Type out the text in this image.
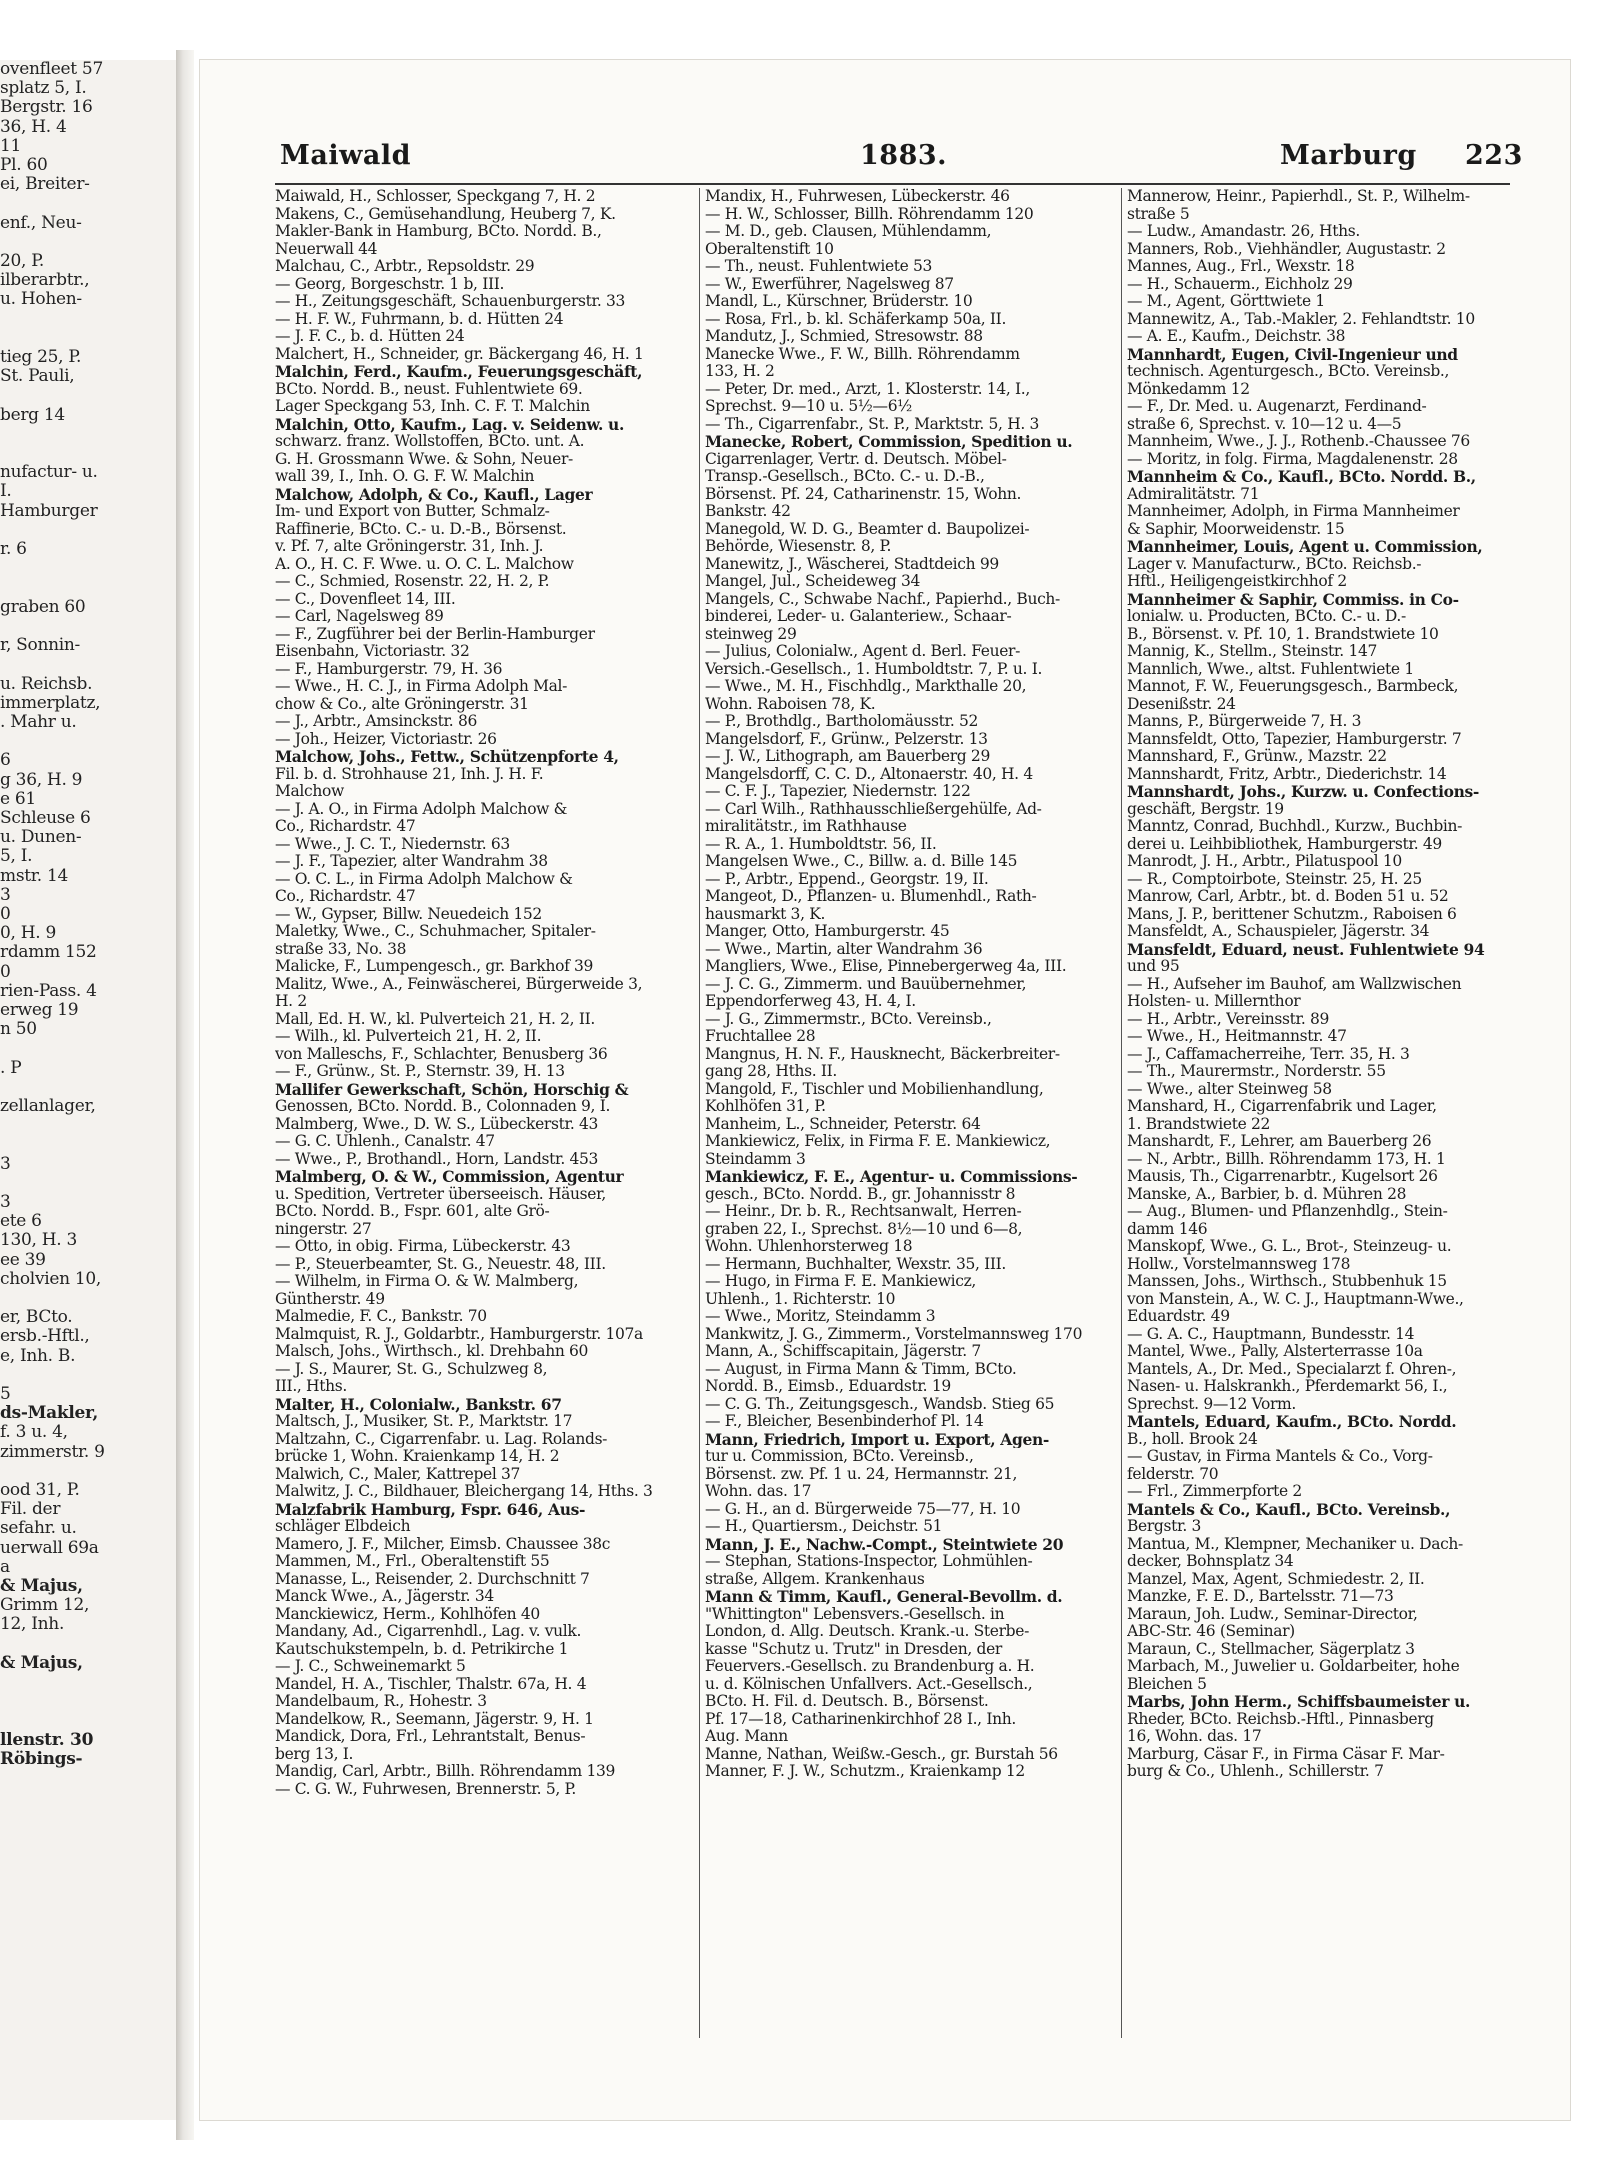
ovenfleet 57
splatz 5, I.
Bergstr. 16
36, H. 4
11
Pl. 60
ei, Breiter-

enf., Neu-

20, P.
ilberarbtr.,
u. Hohen-

tieg 25, P.
St. Pauli,

berg 14

nufactur- u.
I.
Hamburger

r. 6

graben 60

r, Sonnin-

u. Reichsb.
immerplatz,
. Mahr u.

6
g 36, H. 9
e 61
Schleuse 6
u. Dunen-
5, I.
mstr. 14
3
0
0, H. 9
rdamm 152
0
rien-Pass. 4
erweg 19
n 50

. P

zellanlager,

3

3
ete 6
130, H. 3
ee 39
cholvien 10,

er, BCto.
ersb.-Hftl.,
e, Inh. B.

5
ds-Makler,
f. 3 u. 4,
zimmerstr. 9

ood 31, P.
Fil. der
sefahr. u.
uerwall 69a
a
& Majus,
Grimm 12,
12, Inh.

& Majus,

llenstr. 30
Röbings-
Maiwald	1883.	Marburg 223
Maiwald, H., Schlosser, Speckgang 7, H. 2
Makens, C., Gemüsehandlung, Heuberg 7, K.
Makler-Bank in Hamburg, BCto. Nordd. B.,
Neuerwall 44
Malchau, C., Arbtr., Repsoldstr. 29
— Georg, Borgeschstr. 1 b, III.
— H., Zeitungsgeschäft, Schauenburgerstr. 33
— H. F. W., Fuhrmann, b. d. Hütten 24
— J. F. C., b. d. Hütten 24
Malchert, H., Schneider, gr. Bäckergang 46, H. 1
Malchin, Ferd., Kaufm., Feuerungsgeschäft,
BCto. Nordd. B., neust. Fuhlentwiete 69.
Lager Speckgang 53, Inh. C. F. T. Malchin
Malchin, Otto, Kaufm., Lag. v. Seidenw. u.
schwarz. franz. Wollstoffen, BCto. unt. A.
G. H. Grossmann Wwe. & Sohn, Neuer-
wall 39, I., Inh. O. G. F. W. Malchin
Malchow, Adolph, & Co., Kaufl., Lager
Im- und Export von Butter, Schmalz-
Raffinerie, BCto. C.- u. D.-B., Börsenst.
v. Pf. 7, alte Gröningerstr. 31, Inh. J.
A. O., H. C. F. Wwe. u. O. C. L. Malchow
— C., Schmied, Rosenstr. 22, H. 2, P.
— C., Dovenfleet 14, III.
— Carl, Nagelsweg 89
— F., Zugführer bei der Berlin-Hamburger
Eisenbahn, Victoriastr. 32
— F., Hamburgerstr. 79, H. 36
— Wwe., H. C. J., in Firma Adolph Mal-
chow & Co., alte Gröningerstr. 31
— J., Arbtr., Amsinckstr. 86
— Joh., Heizer, Victoriastr. 26
Malchow, Johs., Fettw., Schützenpforte 4,
Fil. b. d. Strohhause 21, Inh. J. H. F.
Malchow
— J. A. O., in Firma Adolph Malchow &
Co., Richardstr. 47
— Wwe., J. C. T., Niedernstr. 63
— J. F., Tapezier, alter Wandrahm 38
— O. C. L., in Firma Adolph Malchow &
Co., Richardstr. 47
— W., Gypser, Billw. Neuedeich 152
Maletky, Wwe., C., Schuhmacher, Spitaler-
straße 33, No. 38
Malicke, F., Lumpengesch., gr. Barkhof 39
Malitz, Wwe., A., Feinwäscherei, Bürgerweide 3,
H. 2
Mall, Ed. H. W., kl. Pulverteich 21, H. 2, II.
— Wilh., kl. Pulverteich 21, H. 2, II.
von Malleschs, F., Schlachter, Benusberg 36
— F., Grünw., St. P., Sternstr. 39, H. 13
Mallifer Gewerkschaft, Schön, Horschig &
Genossen, BCto. Nordd. B., Colonnaden 9, I.
Malmberg, Wwe., D. W. S., Lübeckerstr. 43
— G. C. Uhlenh., Canalstr. 47
— Wwe., P., Brothandl., Horn, Landstr. 453
Malmberg, O. & W., Commission, Agentur
u. Spedition, Vertreter überseeisch. Häuser,
BCto. Nordd. B., Fspr. 601, alte Grö-
ningerstr. 27
— Otto, in obig. Firma, Lübeckerstr. 43
— P., Steuerbeamter, St. G., Neuestr. 48, III.
— Wilhelm, in Firma O. & W. Malmberg,
Güntherstr. 49
Malmedie, F. C., Bankstr. 70
Malmquist, R. J., Goldarbtr., Hamburgerstr. 107a
Malsch, Johs., Wirthsch., kl. Drehbahn 60
— J. S., Maurer, St. G., Schulzweg 8,
III., Hths.
Malter, H., Colonialw., Bankstr. 67
Maltsch, J., Musiker, St. P., Marktstr. 17
Maltzahn, C., Cigarrenfabr. u. Lag. Rolands-
brücke 1, Wohn. Kraienkamp 14, H. 2
Malwich, C., Maler, Kattrepel 37
Malwitz, J. C., Bildhauer, Bleichergang 14, Hths. 3
Malzfabrik Hamburg, Fspr. 646, Aus-
schläger Elbdeich
Mamero, J. F., Milcher, Eimsb. Chaussee 38c
Mammen, M., Frl., Oberaltenstift 55
Manasse, L., Reisender, 2. Durchschnitt 7
Manck Wwe., A., Jägerstr. 34
Manckiewicz, Herm., Kohlhöfen 40
Mandany, Ad., Cigarrenhdl., Lag. v. vulk.
Kautschukstempeln, b. d. Petrikirche 1
— J. C., Schweinemarkt 5
Mandel, H. A., Tischler, Thalstr. 67a, H. 4
Mandelbaum, R., Hohestr. 3
Mandelkow, R., Seemann, Jägerstr. 9, H. 1
Mandick, Dora, Frl., Lehrantstalt, Benus-
berg 13, I.
Mandig, Carl, Arbtr., Billh. Röhrendamm 139
— C. G. W., Fuhrwesen, Brennerstr. 5, P.
Mandix, H., Fuhrwesen, Lübeckerstr. 46
— H. W., Schlosser, Billh. Röhrendamm 120
— M. D., geb. Clausen, Mühlendamm,
Oberaltenstift 10
— Th., neust. Fuhlentwiete 53
— W., Ewerführer, Nagelsweg 87
Mandl, L., Kürschner, Brüderstr. 10
— Rosa, Frl., b. kl. Schäferkamp 50a, II.
Mandutz, J., Schmied, Stresowstr. 88
Manecke Wwe., F. W., Billh. Röhrendamm
133, H. 2
— Peter, Dr. med., Arzt, 1. Klosterstr. 14, I.,
Sprechst. 9—10 u. 5½—6½
— Th., Cigarrenfabr., St. P., Marktstr. 5, H. 3
Manecke, Robert, Commission, Spedition u.
Cigarrenlager, Vertr. d. Deutsch. Möbel-
Transp.-Gesellsch., BCto. C.- u. D.-B.,
Börsenst. Pf. 24, Catharinenstr. 15, Wohn.
Bankstr. 42
Manegold, W. D. G., Beamter d. Baupolizei-
Behörde, Wiesenstr. 8, P.
Manewitz, J., Wäscherei, Stadtdeich 99
Mangel, Jul., Scheideweg 34
Mangels, C., Schwabe Nachf., Papierhd., Buch-
binderei, Leder- u. Galanteriew., Schaar-
steinweg 29
— Julius, Colonialw., Agent d. Berl. Feuer-
Versich.-Gesellsch., 1. Humboldtstr. 7, P. u. I.
— Wwe., M. H., Fischhdlg., Markthalle 20,
Wohn. Raboisen 78, K.
— P., Brothdlg., Bartholomäusstr. 52
Mangelsdorf, F., Grünw., Pelzerstr. 13
— J. W., Lithograph, am Bauerberg 29
Mangelsdorff, C. C. D., Altonaerstr. 40, H. 4
— C. F. J., Tapezier, Niedernstr. 122
— Carl Wilh., Rathhausschließergehülfe, Ad-
miralitätstr., im Rathhause
— R. A., 1. Humboldtstr. 56, II.
Mangelsen Wwe., C., Billw. a. d. Bille 145
— P., Arbtr., Eppend., Georgstr. 19, II.
Mangeot, D., Pflanzen- u. Blumenhdl., Rath-
hausmarkt 3, K.
Manger, Otto, Hamburgerstr. 45
— Wwe., Martin, alter Wandrahm 36
Mangliers, Wwe., Elise, Pinnebergerweg 4a, III.
— J. C. G., Zimmerm. und Bauübernehmer,
Eppendorferweg 43, H. 4, I.
— J. G., Zimmermstr., BCto. Vereinsb.,
Fruchtallee 28
Mangnus, H. N. F., Hausknecht, Bäckerbreiter-
gang 28, Hths. II.
Mangold, F., Tischler und Mobilienhandlung,
Kohlhöfen 31, P.
Manheim, L., Schneider, Peterstr. 64
Mankiewicz, Felix, in Firma F. E. Mankiewicz,
Steindamm 3
Mankiewicz, F. E., Agentur- u. Commissions-
gesch., BCto. Nordd. B., gr. Johannisstr 8
— Heinr., Dr. b. R., Rechtsanwalt, Herren-
graben 22, I., Sprechst. 8½—10 und 6—8,
Wohn. Uhlenhorsterweg 18
— Hermann, Buchhalter, Wexstr. 35, III.
— Hugo, in Firma F. E. Mankiewicz,
Uhlenh., 1. Richterstr. 10
— Wwe., Moritz, Steindamm 3
Mankwitz, J. G., Zimmerm., Vorstelmannsweg 170
Mann, A., Schiffscapitain, Jägerstr. 7
— August, in Firma Mann & Timm, BCto.
Nordd. B., Eimsb., Eduardstr. 19
— C. G. Th., Zeitungsgesch., Wandsb. Stieg 65
— F., Bleicher, Besenbinderhof Pl. 14
Mann, Friedrich, Import u. Export, Agen-
tur u. Commission, BCto. Vereinsb.,
Börsenst. zw. Pf. 1 u. 24, Hermannstr. 21,
Wohn. das. 17
— G. H., an d. Bürgerweide 75—77, H. 10
— H., Quartiersm., Deichstr. 51
Mann, J. E., Nachw.-Compt., Steintwiete 20
— Stephan, Stations-Inspector, Lohmühlen-
straße, Allgem. Krankenhaus
Mann & Timm, Kaufl., General-Bevollm. d.
"Whittington" Lebensvers.-Gesellsch. in
London, d. Allg. Deutsch. Krank.-u. Sterbe-
kasse "Schutz u. Trutz" in Dresden, der
Feuervers.-Gesellsch. zu Brandenburg a. H.
u. d. Kölnischen Unfallvers. Act.-Gesellsch.,
BCto. H. Fil. d. Deutsch. B., Börsenst.
Pf. 17—18, Catharinenkirchhof 28 I., Inh.
Aug. Mann
Manne, Nathan, Weißw.-Gesch., gr. Burstah 56
Manner, F. J. W., Schutzm., Kraienkamp 12
Mannerow, Heinr., Papierhdl., St. P., Wilhelm-
straße 5
— Ludw., Amandastr. 26, Hths.
Manners, Rob., Viehhändler, Augustastr. 2
Mannes, Aug., Frl., Wexstr. 18
— H., Schauerm., Eichholz 29
— M., Agent, Görttwiete 1
Mannewitz, A., Tab.-Makler, 2. Fehlandtstr. 10
— A. E., Kaufm., Deichstr. 38
Mannhardt, Eugen, Civil-Ingenieur und
technisch. Agenturgesch., BCto. Vereinsb.,
Mönkedamm 12
— F., Dr. Med. u. Augenarzt, Ferdinand-
straße 6, Sprechst. v. 10—12 u. 4—5
Mannheim, Wwe., J. J., Rothenb.-Chaussee 76
— Moritz, in folg. Firma, Magdalenenstr. 28
Mannheim & Co., Kaufl., BCto. Nordd. B.,
Admiralitätstr. 71
Mannheimer, Adolph, in Firma Mannheimer
& Saphir, Moorweidenstr. 15
Mannheimer, Louis, Agent u. Commission,
Lager v. Manufacturw., BCto. Reichsb.-
Hftl., Heiligengeistkirchhof 2
Mannheimer & Saphir, Commiss. in Co-
lonialw. u. Producten, BCto. C.- u. D.-
B., Börsenst. v. Pf. 10, 1. Brandstwiete 10
Mannig, K., Stellm., Steinstr. 147
Mannlich, Wwe., altst. Fuhlentwiete 1
Mannot, F. W., Feuerungsgesch., Barmbeck,
Desenißstr. 24
Manns, P., Bürgerweide 7, H. 3
Mannsfeldt, Otto, Tapezier, Hamburgerstr. 7
Mannshard, F., Grünw., Mazstr. 22
Mannshardt, Fritz, Arbtr., Diederichstr. 14
Mannshardt, Johs., Kurzw. u. Confections-
geschäft, Bergstr. 19
Manntz, Conrad, Buchhdl., Kurzw., Buchbin-
derei u. Leihbibliothek, Hamburgerstr. 49
Manrodt, J. H., Arbtr., Pilatuspool 10
— R., Comptoirbote, Steinstr. 25, H. 25
Manrow, Carl, Arbtr., bt. d. Boden 51 u. 52
Mans, J. P., berittener Schutzm., Raboisen 6
Mansfeldt, A., Schauspieler, Jägerstr. 34
Mansfeldt, Eduard, neust. Fuhlentwiete 94
und 95
— H., Aufseher im Bauhof, am Wallzwischen
Holsten- u. Millernthor
— H., Arbtr., Vereinsstr. 89
— Wwe., H., Heitmannstr. 47
— J., Caffamacherreihe, Terr. 35, H. 3
— Th., Maurermstr., Norderstr. 55
— Wwe., alter Steinweg 58
Manshard, H., Cigarrenfabrik und Lager,
1. Brandstwiete 22
Manshardt, F., Lehrer, am Bauerberg 26
— N., Arbtr., Billh. Röhrendamm 173, H. 1
Mausis, Th., Cigarrenarbtr., Kugelsort 26
Manske, A., Barbier, b. d. Mühren 28
— Aug., Blumen- und Pflanzenhdlg., Stein-
damm 146
Manskopf, Wwe., G. L., Brot-, Steinzeug- u.
Hollw., Vorstelmannsweg 178
Manssen, Johs., Wirthsch., Stubbenhuk 15
von Manstein, A., W. C. J., Hauptmann-Wwe.,
Eduardstr. 49
— G. A. C., Hauptmann, Bundesstr. 14
Mantel, Wwe., Pally, Alsterterrasse 10a
Mantels, A., Dr. Med., Specialarzt f. Ohren-,
Nasen- u. Halskrankh., Pferdemarkt 56, I.,
Sprechst. 9—12 Vorm.
Mantels, Eduard, Kaufm., BCto. Nordd.
B., holl. Brook 24
— Gustav, in Firma Mantels & Co., Vorg-
felderstr. 70
— Frl., Zimmerpforte 2
Mantels & Co., Kaufl., BCto. Vereinsb.,
Bergstr. 3
Mantua, M., Klempner, Mechaniker u. Dach-
decker, Bohnsplatz 34
Manzel, Max, Agent, Schmiedestr. 2, II.
Manzke, F. E. D., Bartelsstr. 71—73
Maraun, Joh. Ludw., Seminar-Director,
ABC-Str. 46 (Seminar)
Maraun, C., Stellmacher, Sägerplatz 3
Marbach, M., Juwelier u. Goldarbeiter, hohe
Bleichen 5
Marbs, John Herm., Schiffsbaumeister u.
Rheder, BCto. Reichsb.-Hftl., Pinnasberg
16, Wohn. das. 17
Marburg, Cäsar F., in Firma Cäsar F. Mar-
burg & Co., Uhlenh., Schillerstr. 7
